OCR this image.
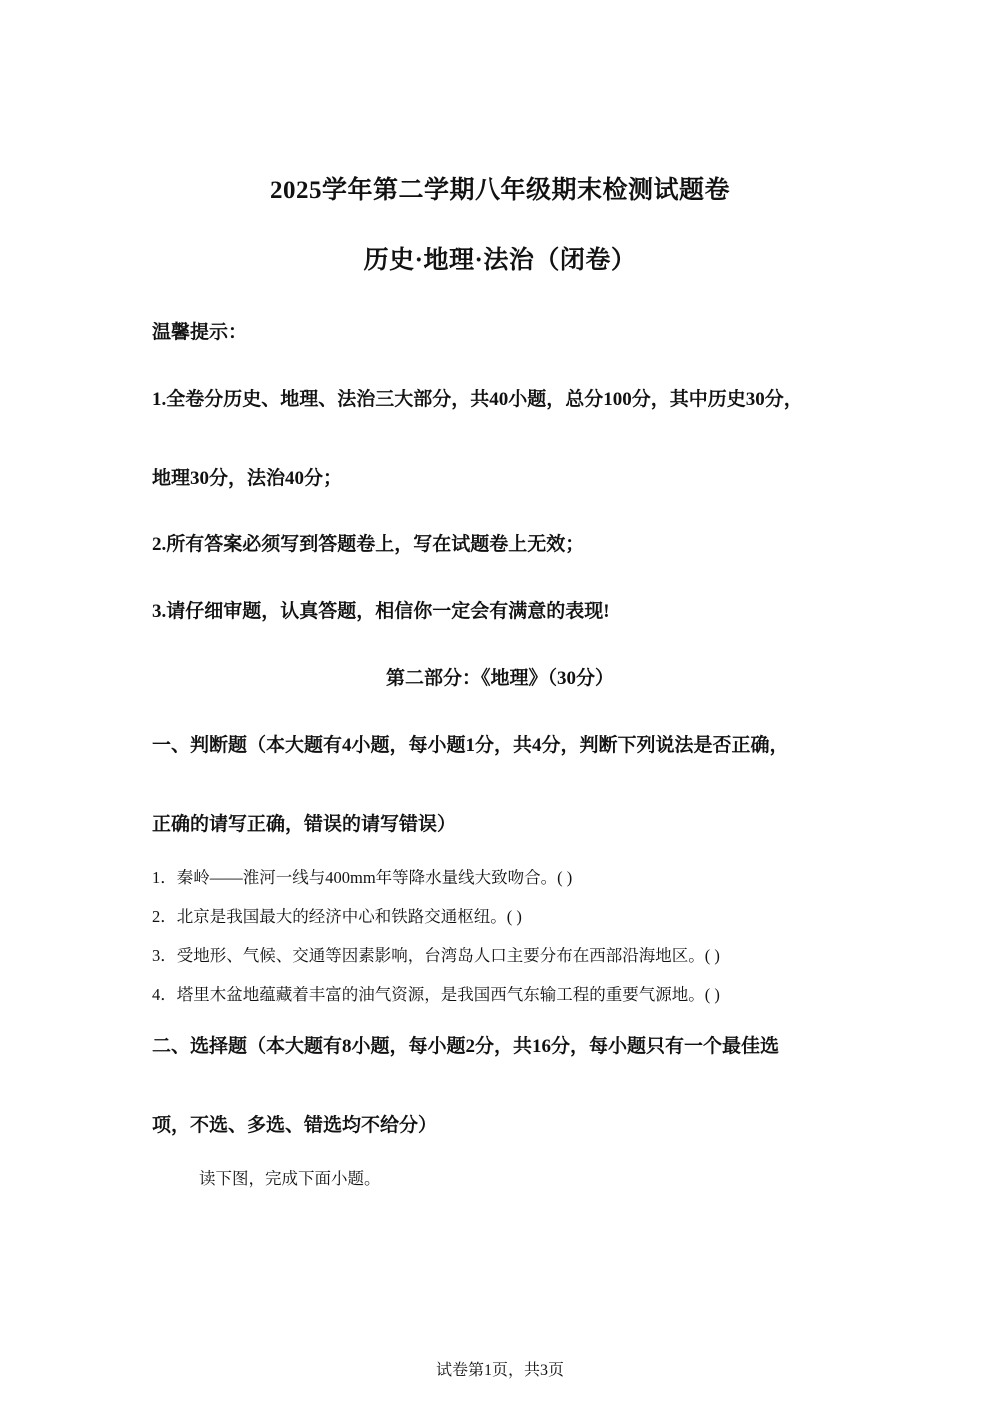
2025学年第二学期八年级期末检测试题卷
历史·地理·法治（闭卷）
温馨提示：
1.全卷分历史、地理、法治三大部分，共40小题，总分100分，其中历史30分，
地理30分，法治40分；
2.所有答案必须写到答题卷上，写在试题卷上无效；
3.请仔细审题，认真答题，相信你一定会有满意的表现!
第二部分：《地理》（30分）
一、判断题（本大题有4小题，每小题1分，共4分，判断下列说法是否正确，
正确的请写正确，错误的请写错误）
1．秦岭——淮河一线与400mm年等降水量线大致吻合。( )
2．北京是我国最大的经济中心和铁路交通枢纽。( )
3．受地形、气候、交通等因素影响，台湾岛人口主要分布在西部沿海地区。( )
4．塔里木盆地蕴藏着丰富的油气资源，是我国西气东输工程的重要气源地。( )
二、选择题（本大题有8小题，每小题2分，共16分，每小题只有一个最佳选
项，不选、多选、错选均不给分）
读下图，完成下面小题。
试卷第1页，共3页
